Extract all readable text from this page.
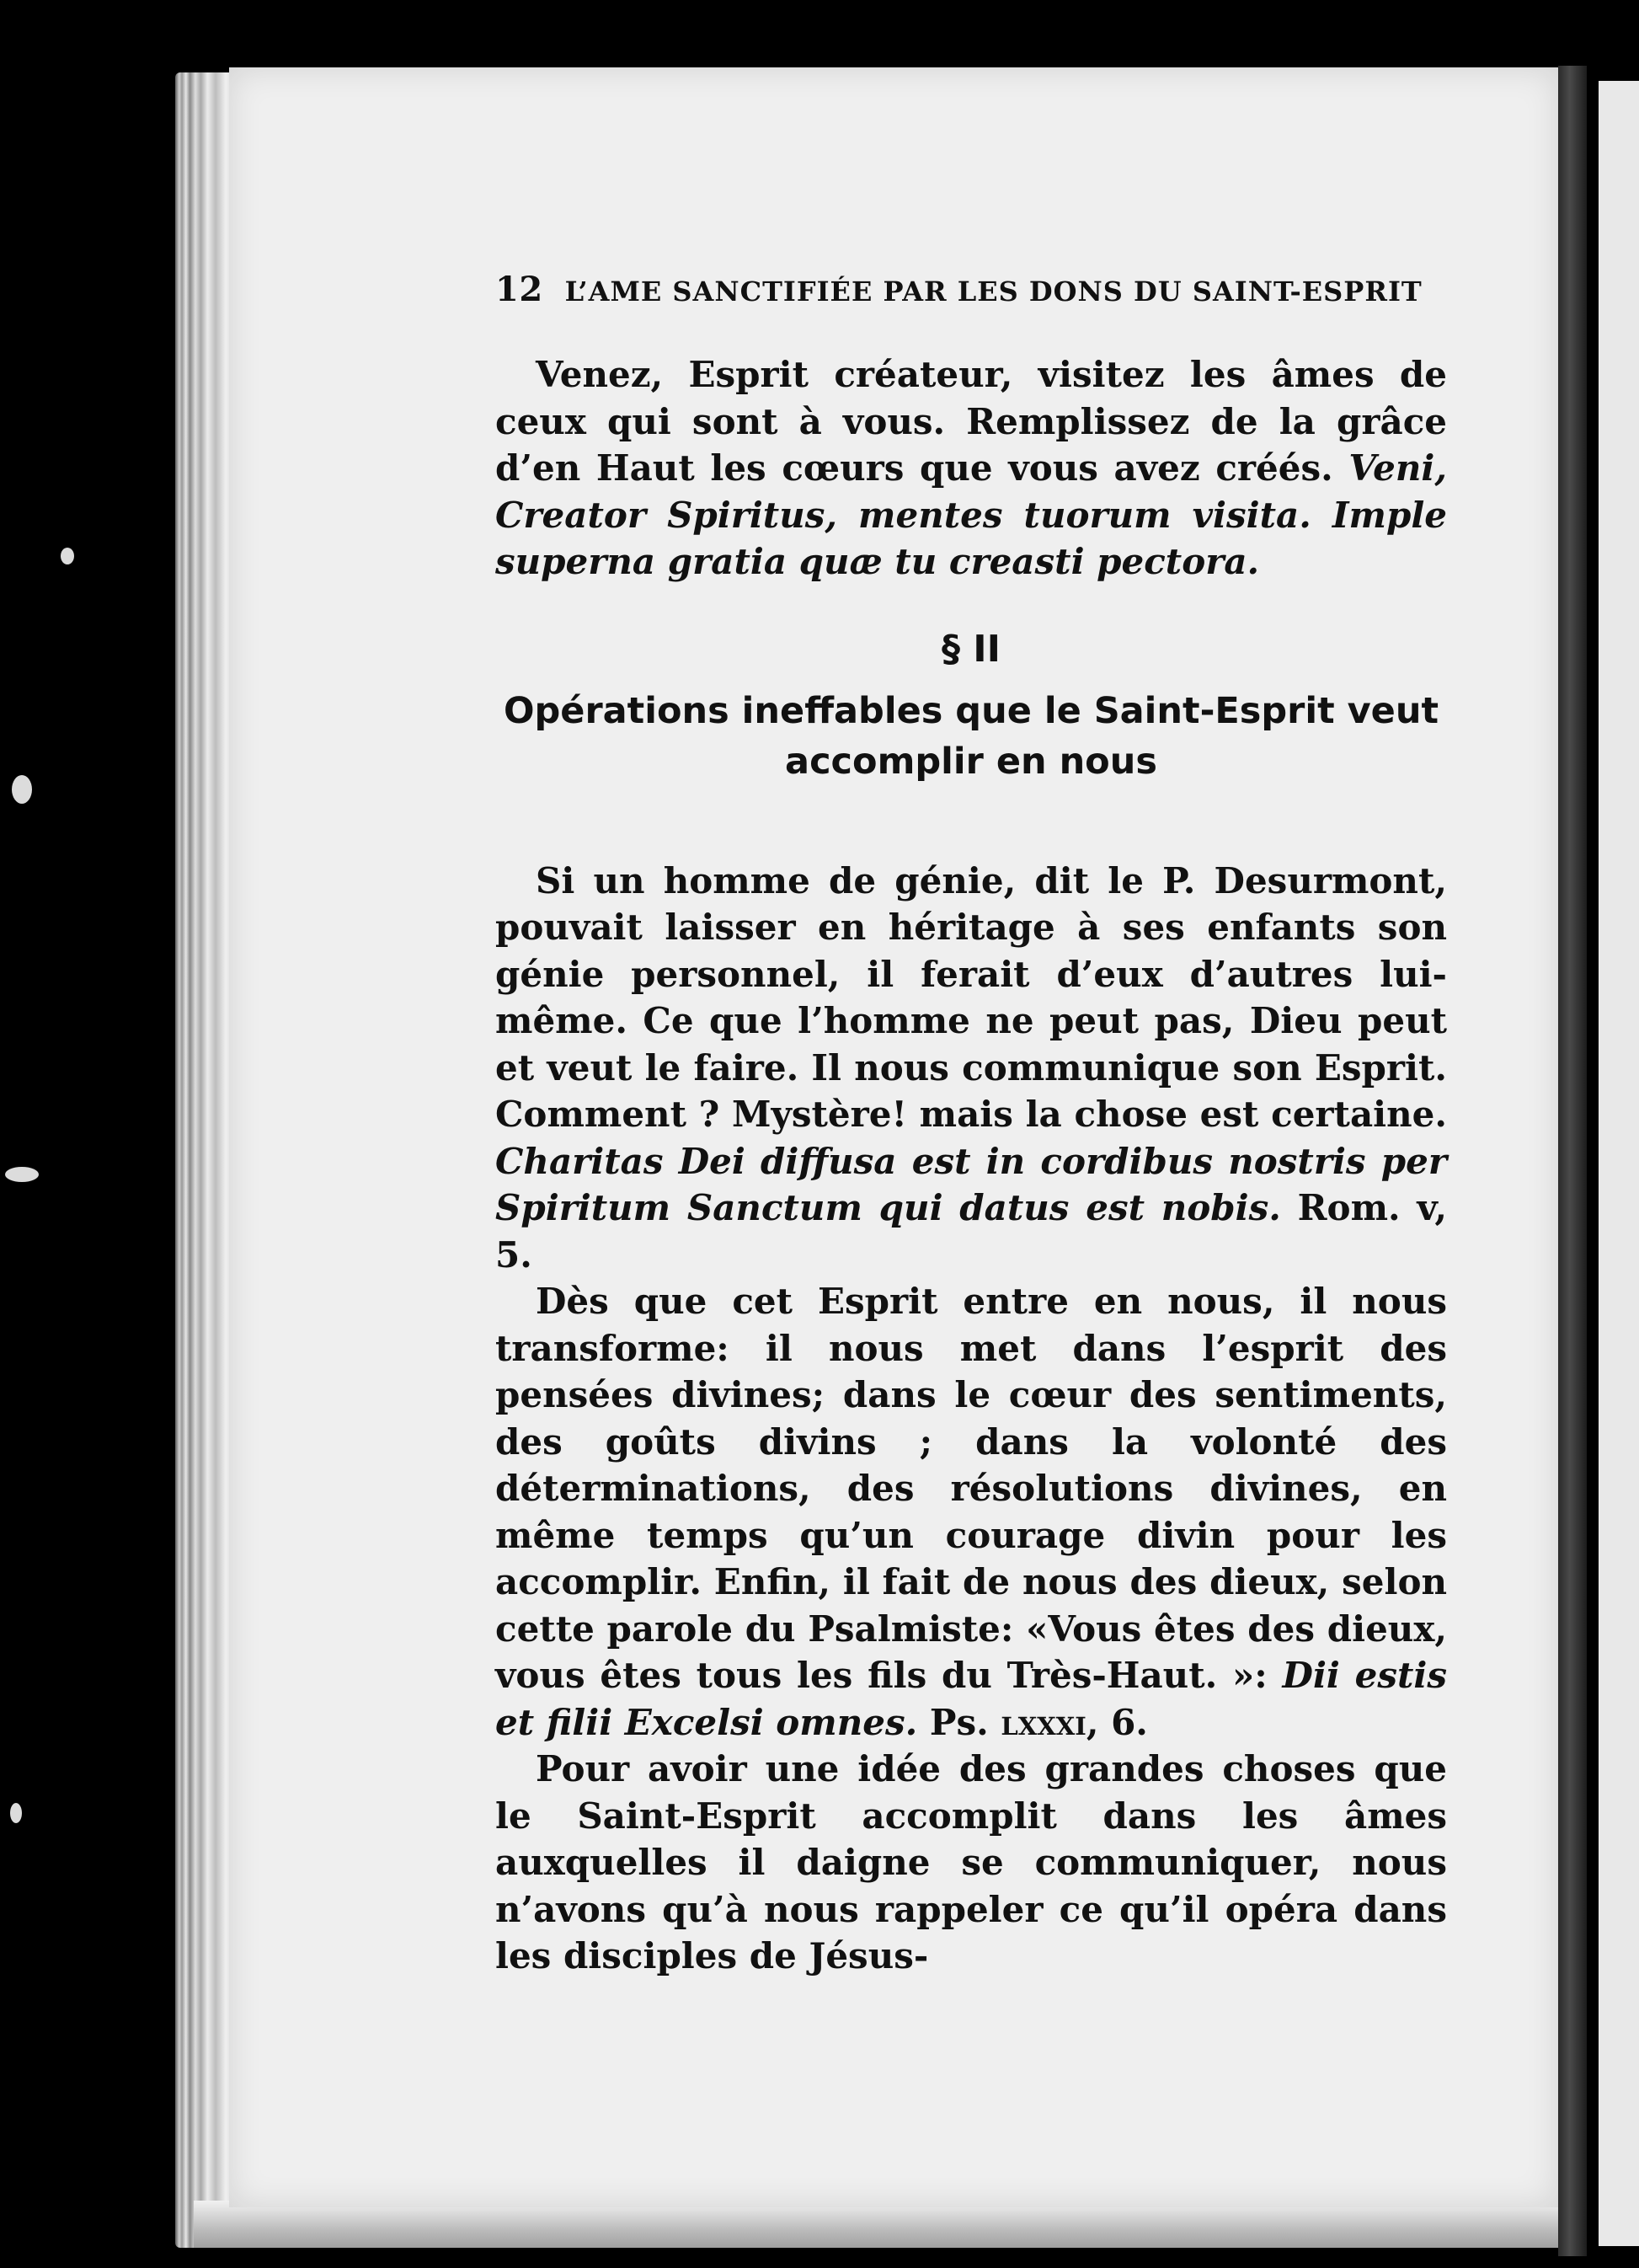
12 L’AME SANCTIFIÉE PAR LES DONS DU SAINT-ESPRIT

Venez, Esprit créateur, visitez les âmes de ceux qui sont à vous. Remplissez de la grâce d’en Haut les cœurs que vous avez créés. Veni, Creator Spiritus, mentes tuorum visita. Imple superna gratia quæ tu creasti pectora.

§ II
Opérations ineffables que le Saint-Esprit veut
accomplir en nous

Si un homme de génie, dit le P. Desurmont, pouvait laisser en héritage à ses enfants son génie personnel, il ferait d’eux d’autres lui-même. Ce que l’homme ne peut pas, Dieu peut et veut le faire. Il nous communique son Esprit. Comment ? Mystère! mais la chose est certaine. Charitas Dei diffusa est in cordibus nostris per Spiritum Sanctum qui datus est nobis. Rom. v, 5.

Dès que cet Esprit entre en nous, il nous transforme: il nous met dans l’esprit des pensées divines; dans le cœur des sentiments, des goûts divins ; dans la volonté des déterminations, des résolutions divines, en même temps qu’un courage divin pour les accomplir. Enfin, il fait de nous des dieux, selon cette parole du Psalmiste: «Vous êtes des dieux, vous êtes tous les fils du Très-Haut. »: Dii estis et filii Excelsi omnes. Ps. lxxxi, 6.

Pour avoir une idée des grandes choses que le Saint-Esprit accomplit dans les âmes auxquelles il daigne se communiquer, nous n’avons qu’à nous rappeler ce qu’il opéra dans les disciples de Jésus-
